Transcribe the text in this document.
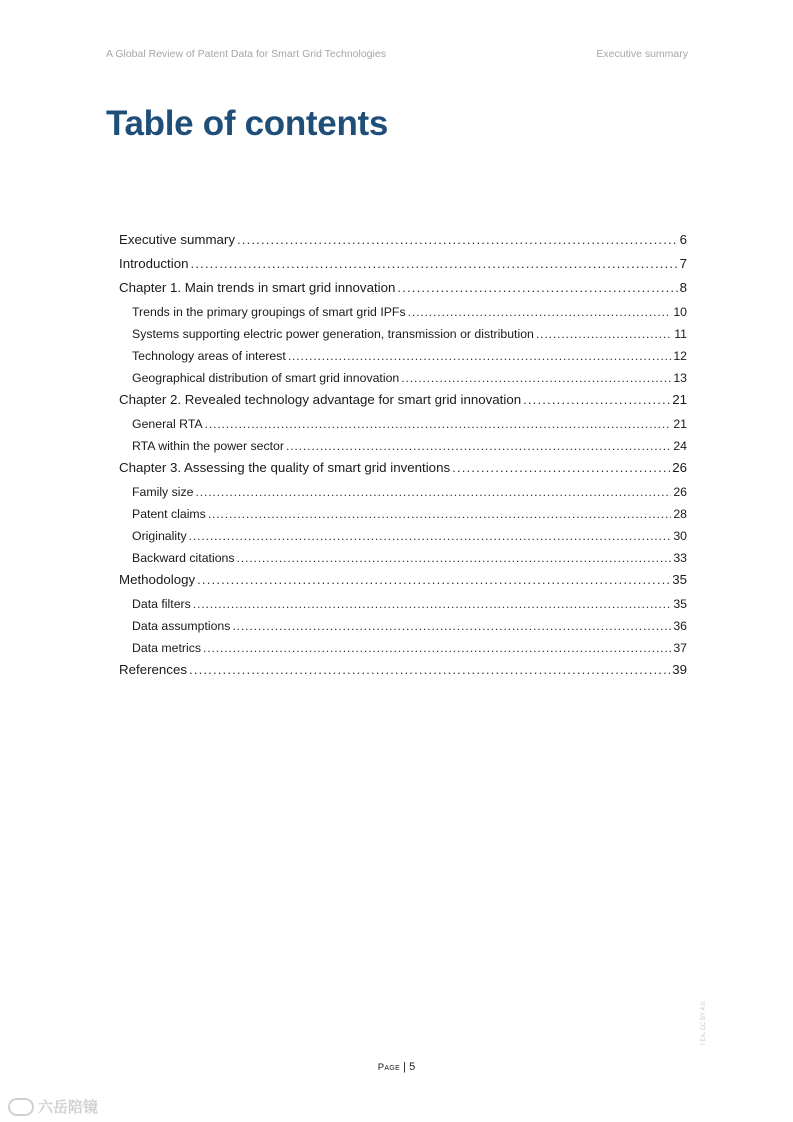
A Global Review of Patent Data for Smart Grid Technologies	Executive summary
Table of contents
Executive summary . . .	6
Introduction . . .	7
Chapter 1. Main trends in smart grid innovation . . .	8
Trends in the primary groupings of smart grid IPFs . . .	10
Systems supporting electric power generation, transmission or distribution . . .	11
Technology areas of interest . . .	12
Geographical distribution of smart grid innovation . . .	13
Chapter 2. Revealed technology advantage for smart grid innovation . . .	21
General RTA . . .	21
RTA within the power sector . . .	24
Chapter 3. Assessing the quality of smart grid inventions . . .	26
Family size . . .	26
Patent claims . . .	28
Originality . . .	30
Backward citations . . .	33
Methodology . . .	35
Data filters . . .	35
Data assumptions . . .	36
Data metrics . . .	37
References . . .	39
Page | 5
I EA. CC BY 4.0.
六岳陪镜
